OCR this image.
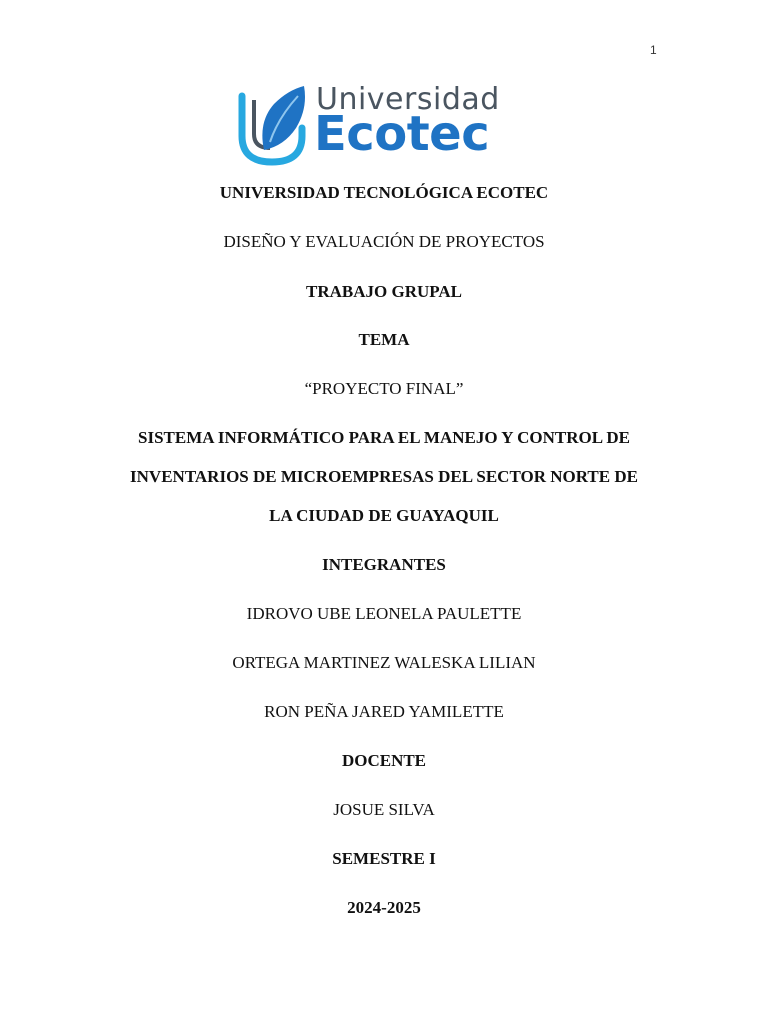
1
Universidad
Ecotec
UNIVERSIDAD TECNOLÓGICA ECOTEC
DISEÑO Y EVALUACIÓN DE PROYECTOS
TRABAJO GRUPAL
TEMA
“PROYECTO FINAL”
SISTEMA INFORMÁTICO PARA EL MANEJO Y CONTROL DE
INVENTARIOS DE MICROEMPRESAS DEL SECTOR NORTE DE
LA CIUDAD DE GUAYAQUIL
INTEGRANTES
IDROVO UBE LEONELA PAULETTE
ORTEGA MARTINEZ WALESKA LILIAN
RON PEÑA JARED YAMILETTE
DOCENTE
JOSUE SILVA
SEMESTRE I
2024-2025
